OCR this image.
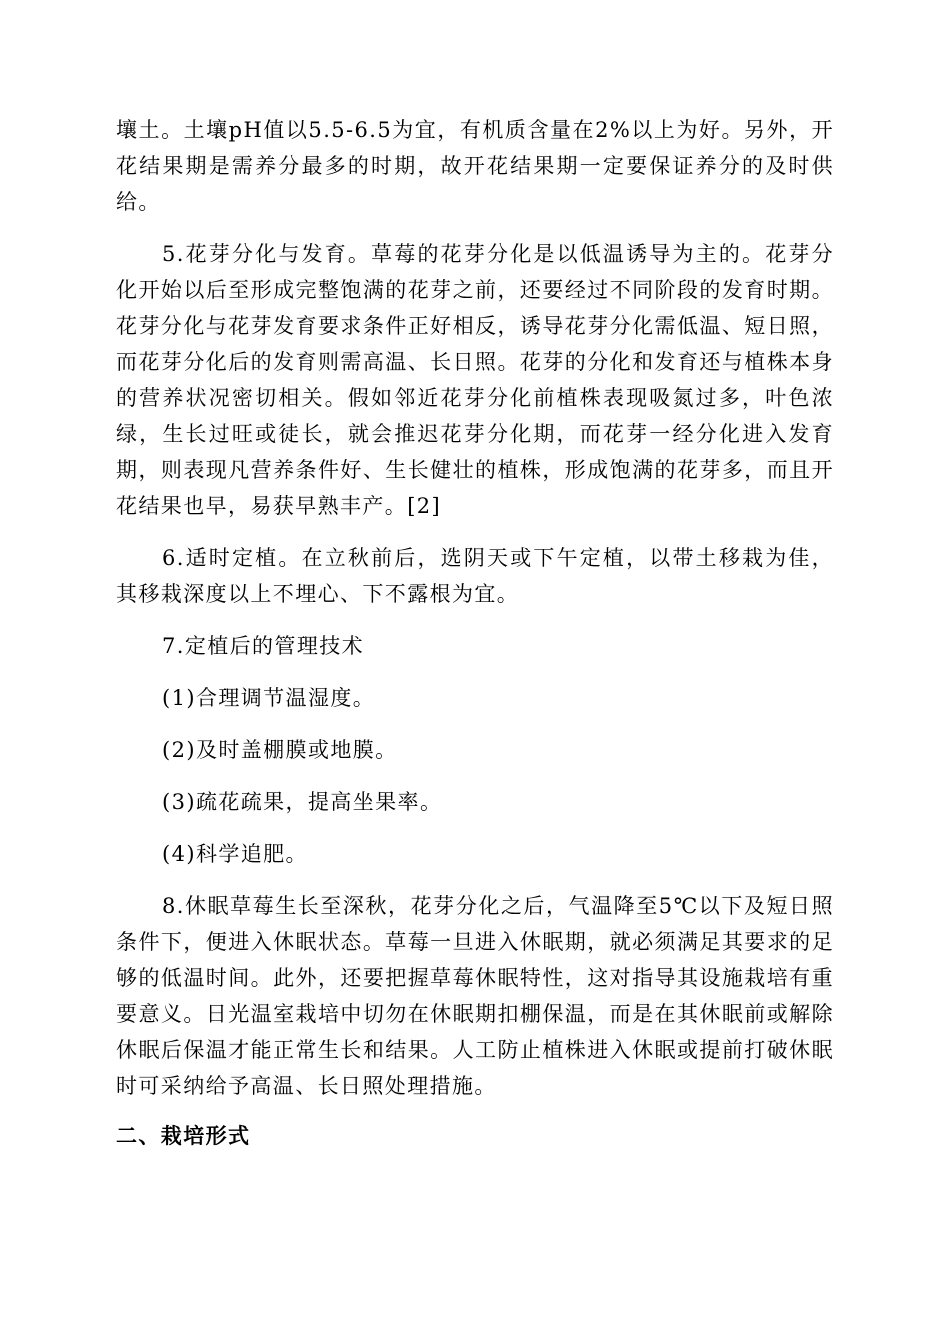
壤土。土壤pH值以5.5-6.5为宜，有机质含量在2%以上为好。另外，开花结果期是需养分最多的时期，故开花结果期一定要保证养分的及时供给。

5.花芽分化与发育。草莓的花芽分化是以低温诱导为主的。花芽分化开始以后至形成完整饱满的花芽之前，还要经过不同阶段的发育时期。花芽分化与花芽发育要求条件正好相反，诱导花芽分化需低温、短日照，而花芽分化后的发育则需高温、长日照。花芽的分化和发育还与植株本身的营养状况密切相关。假如邻近花芽分化前植株表现吸氮过多，叶色浓绿，生长过旺或徒长，就会推迟花芽分化期，而花芽一经分化进入发育期，则表现凡营养条件好、生长健壮的植株，形成饱满的花芽多，而且开花结果也早，易获早熟丰产。[2]

6.适时定植。在立秋前后，选阴天或下午定植，以带土移栽为佳，其移栽深度以上不埋心、下不露根为宜。

7.定植后的管理技术

(1)合理调节温湿度。

(2)及时盖棚膜或地膜。

(3)疏花疏果，提高坐果率。

(4)科学追肥。

8.休眠草莓生长至深秋，花芽分化之后，气温降至5℃以下及短日照条件下，便进入休眠状态。草莓一旦进入休眠期，就必须满足其要求的足够的低温时间。此外，还要把握草莓休眠特性，这对指导其设施栽培有重要意义。日光温室栽培中切勿在休眠期扣棚保温，而是在其休眠前或解除休眠后保温才能正常生长和结果。人工防止植株进入休眠或提前打破休眠时可采纳给予高温、长日照处理措施。

二、栽培形式
